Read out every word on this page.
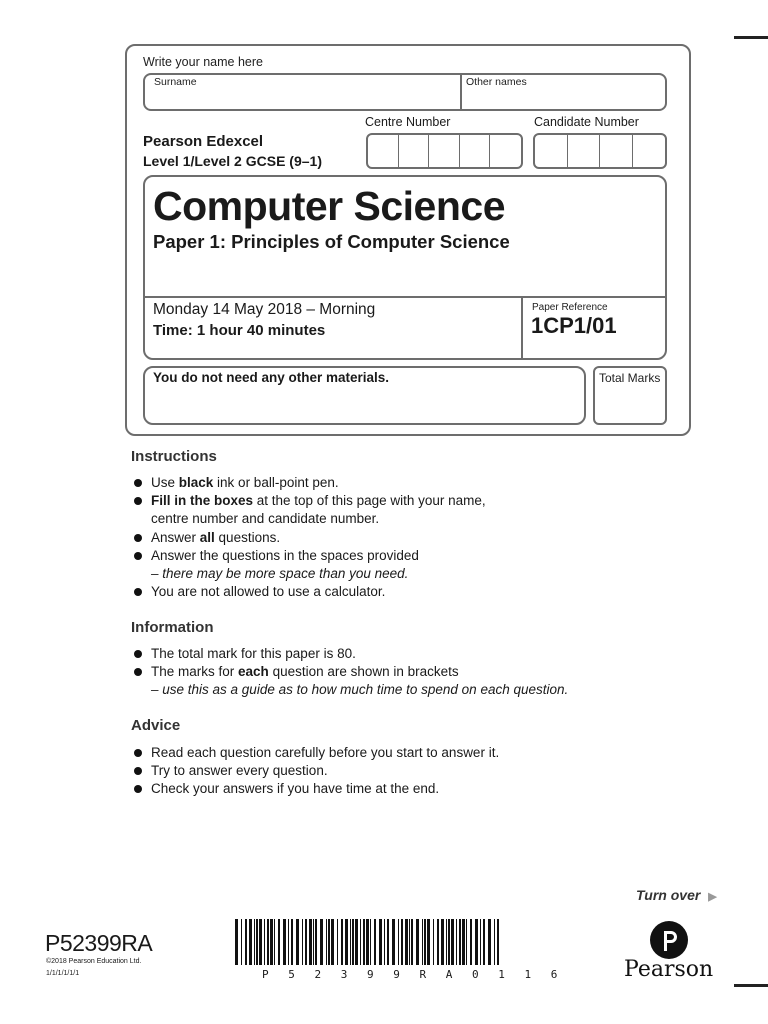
Write your name here
Surname	Other names
Pearson Edexcel
Level 1/Level 2 GCSE (9–1)
Centre Number	Candidate Number
Computer Science
Paper 1: Principles of Computer Science
Monday 14 May 2018 – Morning
Time: 1 hour 40 minutes
Paper Reference
1CP1/01
You do not need any other materials.	Total Marks
Instructions
Use black ink or ball-point pen.
Fill in the boxes at the top of this page with your name,
centre number and candidate number.
Answer all questions.
Answer the questions in the spaces provided
– there may be more space than you need.
You are not allowed to use a calculator.
Information
The total mark for this paper is 80.
The marks for each question are shown in brackets
– use this as a guide as to how much time to spend on each question.
Advice
Read each question carefully before you start to answer it.
Try to answer every question.
Check your answers if you have time at the end.
Turn over ▶
P52399RA
©2018 Pearson Education Ltd.
1/1/1/1/1/1	P 5 2 3 9 9 R A 0 1 1 6	Pearson
